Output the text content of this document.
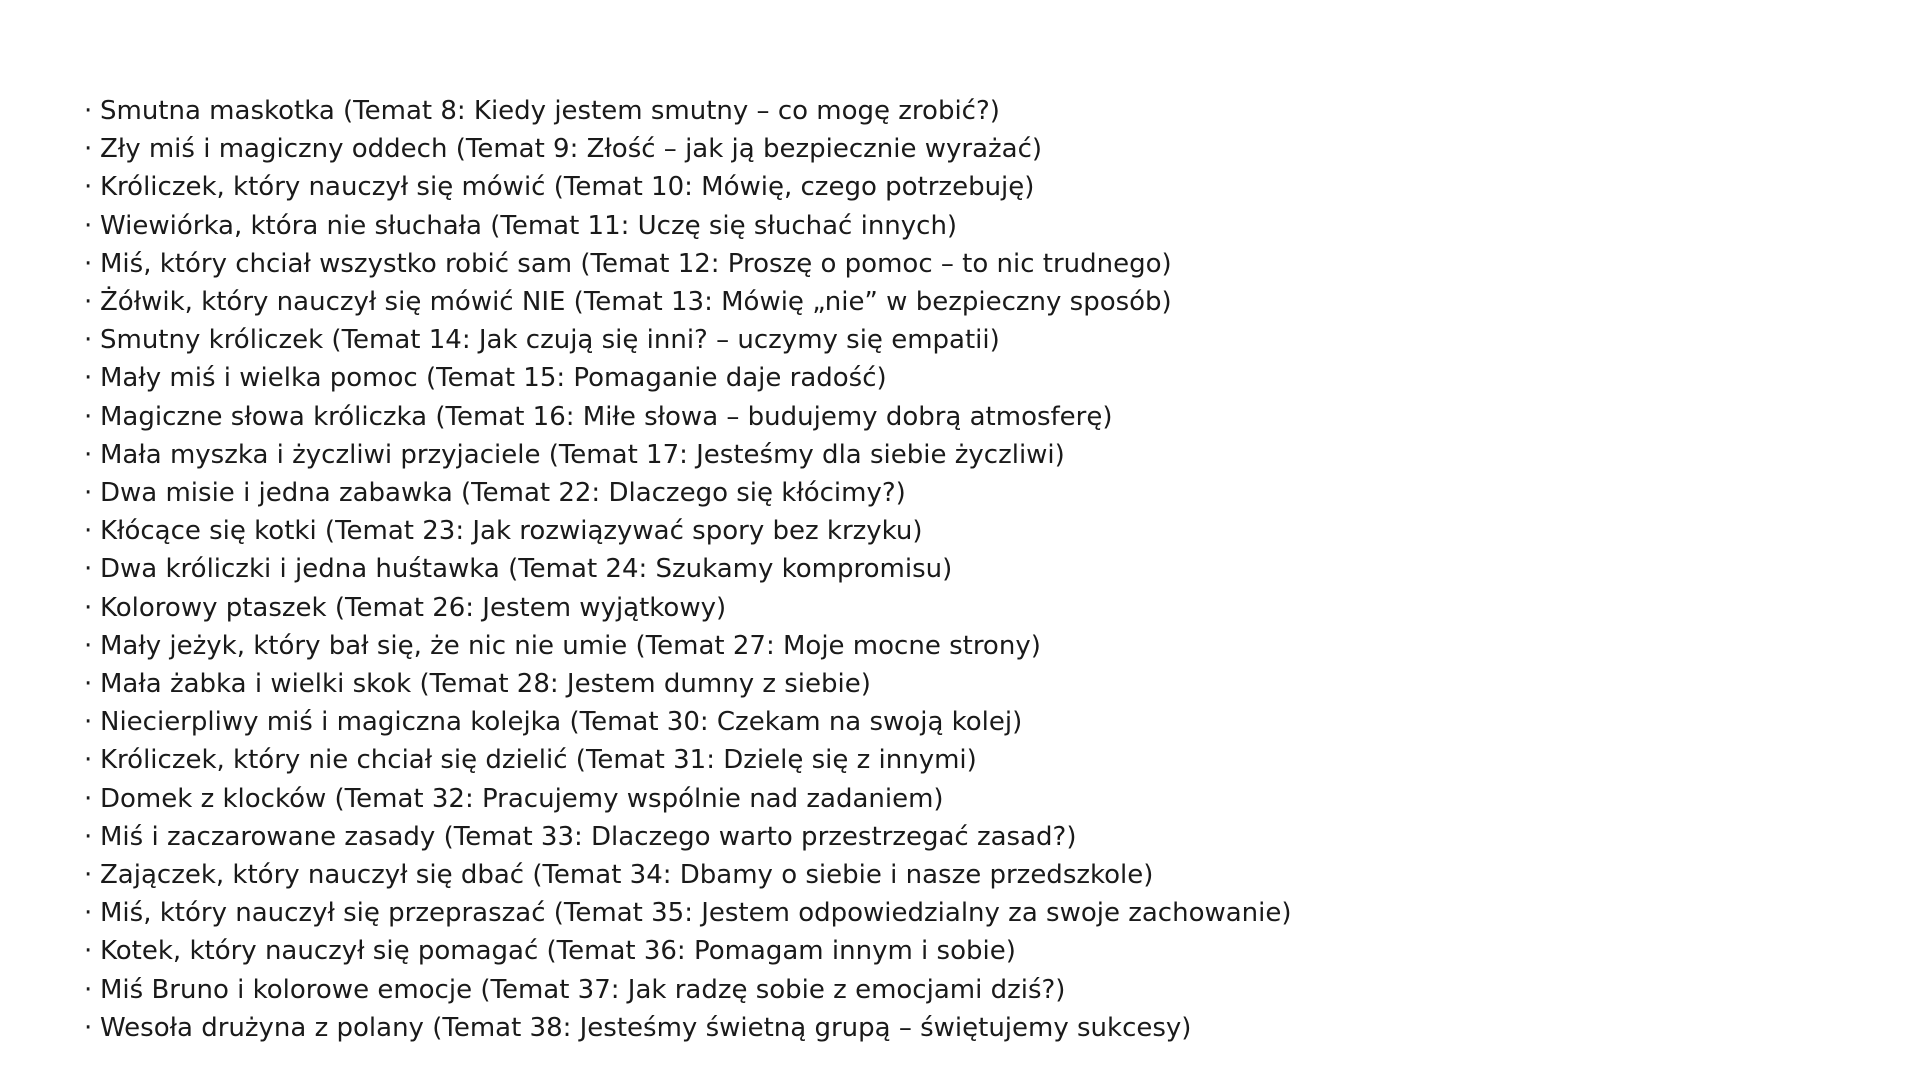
· Smutna maskotka (Temat 8: Kiedy jestem smutny – co mogę zrobić?)
· Zły miś i magiczny oddech (Temat 9: Złość – jak ją bezpiecznie wyrażać)
· Króliczek, który nauczył się mówić (Temat 10: Mówię, czego potrzebuję)
· Wiewiórka, która nie słuchała (Temat 11: Uczę się słuchać innych)
· Miś, który chciał wszystko robić sam (Temat 12: Proszę o pomoc – to nic trudnego)
· Żółwik, który nauczył się mówić NIE (Temat 13: Mówię „nie” w bezpieczny sposób)
· Smutny króliczek (Temat 14: Jak czują się inni? – uczymy się empatii)
· Mały miś i wielka pomoc (Temat 15: Pomaganie daje radość)
· Magiczne słowa króliczka (Temat 16: Miłe słowa – budujemy dobrą atmosferę)
· Mała myszka i życzliwi przyjaciele (Temat 17: Jesteśmy dla siebie życzliwi)
· Dwa misie i jedna zabawka (Temat 22: Dlaczego się kłócimy?)
· Kłócące się kotki (Temat 23: Jak rozwiązywać spory bez krzyku)
· Dwa króliczki i jedna huśtawka (Temat 24: Szukamy kompromisu)
· Kolorowy ptaszek (Temat 26: Jestem wyjątkowy)
· Mały jeżyk, który bał się, że nic nie umie (Temat 27: Moje mocne strony)
· Mała żabka i wielki skok (Temat 28: Jestem dumny z siebie)
· Niecierpliwy miś i magiczna kolejka (Temat 30: Czekam na swoją kolej)
· Króliczek, który nie chciał się dzielić (Temat 31: Dzielę się z innymi)
· Domek z klocków (Temat 32: Pracujemy wspólnie nad zadaniem)
· Miś i zaczarowane zasady (Temat 33: Dlaczego warto przestrzegać zasad?)
· Zajączek, który nauczył się dbać (Temat 34: Dbamy o siebie i nasze przedszkole)
· Miś, który nauczył się przepraszać (Temat 35: Jestem odpowiedzialny za swoje zachowanie)
· Kotek, który nauczył się pomagać (Temat 36: Pomagam innym i sobie)
· Miś Bruno i kolorowe emocje (Temat 37: Jak radzę sobie z emocjami dziś?)
· Wesoła drużyna z polany (Temat 38: Jesteśmy świetną grupą – świętujemy sukcesy)
